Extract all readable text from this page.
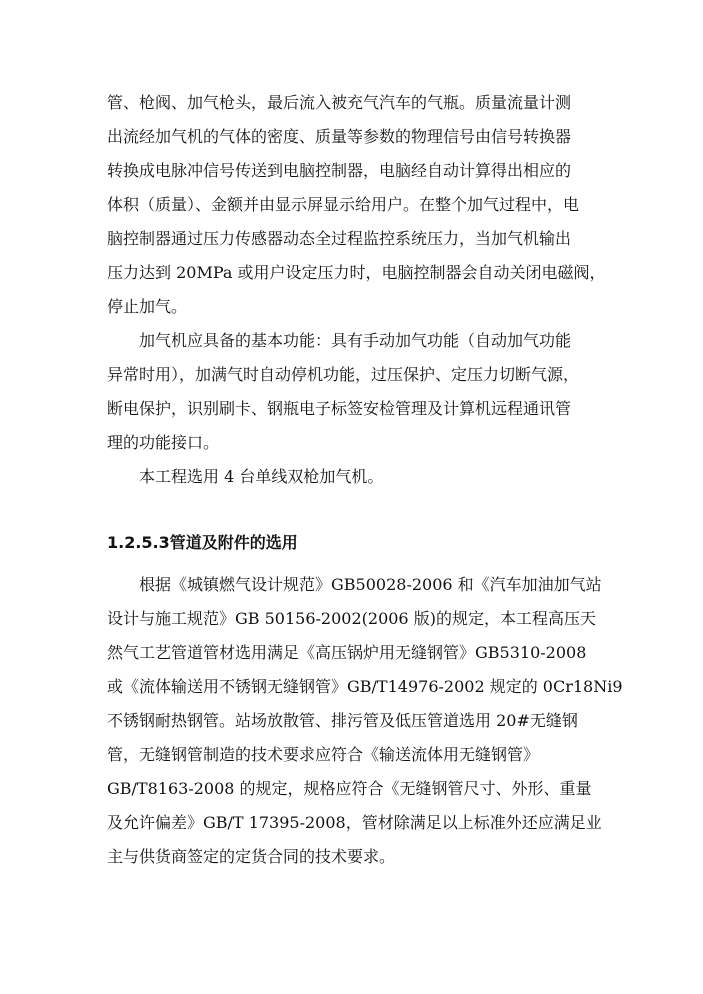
管、枪阀、加气枪头，最后流入被充气汽车的气瓶。质量流量计测
出流经加气机的气体的密度、质量等参数的物理信号由信号转换器
转换成电脉冲信号传送到电脑控制器，电脑经自动计算得出相应的
体积（质量）、金额并由显示屏显示给用户。在整个加气过程中，电
脑控制器通过压力传感器动态全过程监控系统压力，当加气机输出
压力达到 20MPa 或用户设定压力时，电脑控制器会自动关闭电磁阀，
停止加气。
加气机应具备的基本功能：具有手动加气功能（自动加气功能
异常时用），加满气时自动停机功能，过压保护、定压力切断气源，
断电保护，识别刷卡、钢瓶电子标签安检管理及计算机远程通讯管
理的功能接口。
本工程选用 4 台单线双枪加气机。
1.2.5.3管道及附件的选用
根据《城镇燃气设计规范》GB50028-2006 和《汽车加油加气站
设计与施工规范》GB 50156-2002(2006 版)的规定，本工程高压天
然气工艺管道管材选用满足《高压锅炉用无缝钢管》GB5310-2008
或《流体输送用不锈钢无缝钢管》GB/T14976-2002 规定的 0Cr18Ni9
不锈钢耐热钢管。站场放散管、排污管及低压管道选用 20#无缝钢
管，无缝钢管制造的技术要求应符合《输送流体用无缝钢管》
GB/T8163-2008 的规定，规格应符合《无缝钢管尺寸、外形、重量
及允许偏差》GB/T 17395-2008，管材除满足以上标准外还应满足业
主与供货商签定的定货合同的技术要求。
